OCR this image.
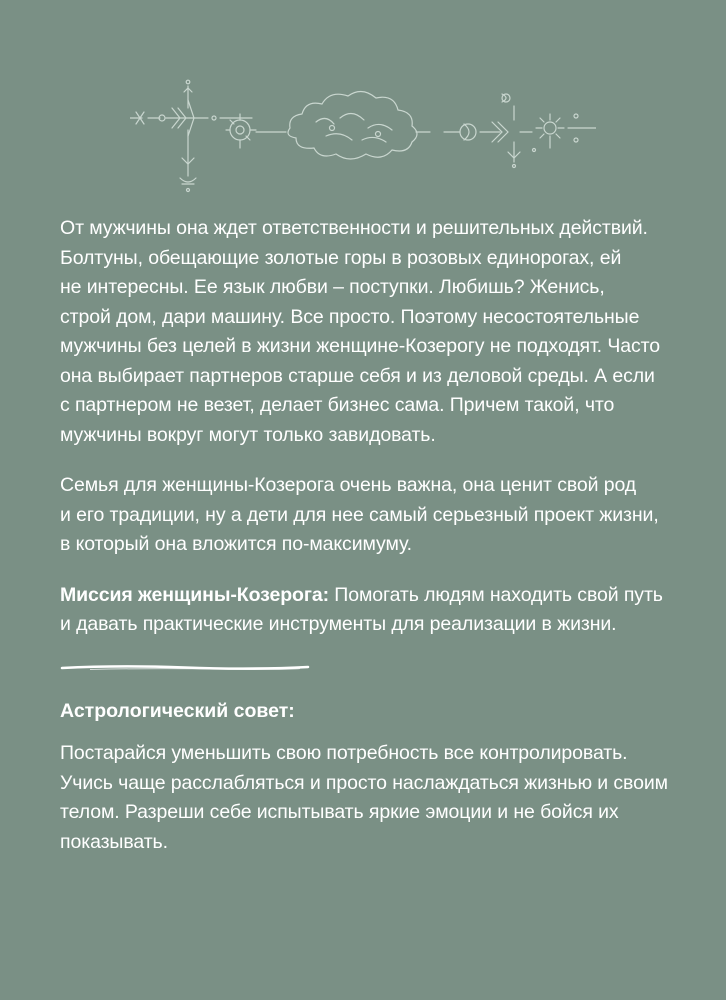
От мужчины она ждет ответственности и решительных действий.
Болтуны, обещающие золотые горы в розовых единорогах, ей
не интересны. Ее язык любви – поступки. Любишь? Женись,
строй дом, дари машину. Все просто. Поэтому несостоятельные
мужчины без целей в жизни женщине-Козерогу не подходят. Часто
она выбирает партнеров старше себя и из деловой среды. А если
с партнером не везет, делает бизнес сама. Причем такой, что
мужчины вокруг могут только завидовать.

Семья для женщины-Козерога очень важна, она ценит свой род
и его традиции, ну а дети для нее самый серьезный проект жизни,
в который она вложится по-максимуму.

Миссия женщины-Козерога: Помогать людям находить свой путь
и давать практические инструменты для реализации в жизни.

Астрологический совет:

Постарайся уменьшить свою потребность все контролировать.
Учись чаще расслабляться и просто наслаждаться жизнью и своим
телом. Разреши себе испытывать яркие эмоции и не бойся их
показывать.
